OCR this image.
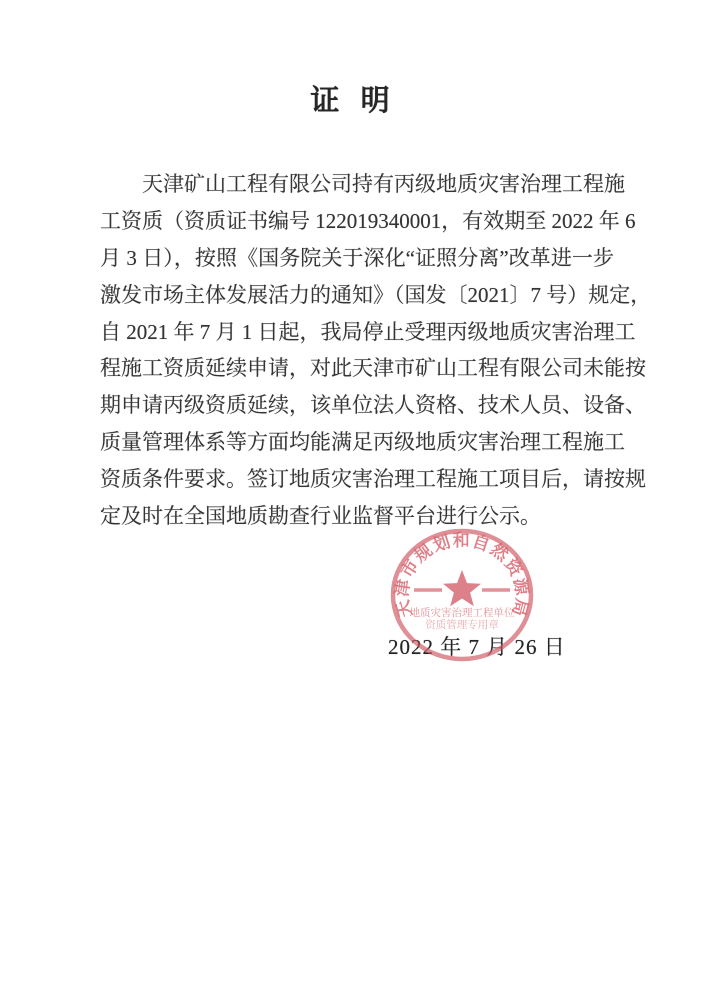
证 明
天津矿山工程有限公司持有丙级地质灾害治理工程施
工资质（资质证书编号 122019340001，有效期至 2022 年 6
月 3 日），按照《国务院关于深化“证照分离”改革进一步
激发市场主体发展活力的通知》（国发〔2021〕7 号）规定，
自 2021 年 7 月 1 日起，我局停止受理丙级地质灾害治理工
程施工资质延续申请，对此天津市矿山工程有限公司未能按
期申请丙级资质延续，该单位法人资格、技术人员、设备、
质量管理体系等方面均能满足丙级地质灾害治理工程施工
资质条件要求。签订地质灾害治理工程施工项目后，请按规
定及时在全国地质勘查行业监督平台进行公示。
2022 年 7 月 26 日
天津市规划和自然资源局
地质灾害治理工程单位
资质管理专用章
